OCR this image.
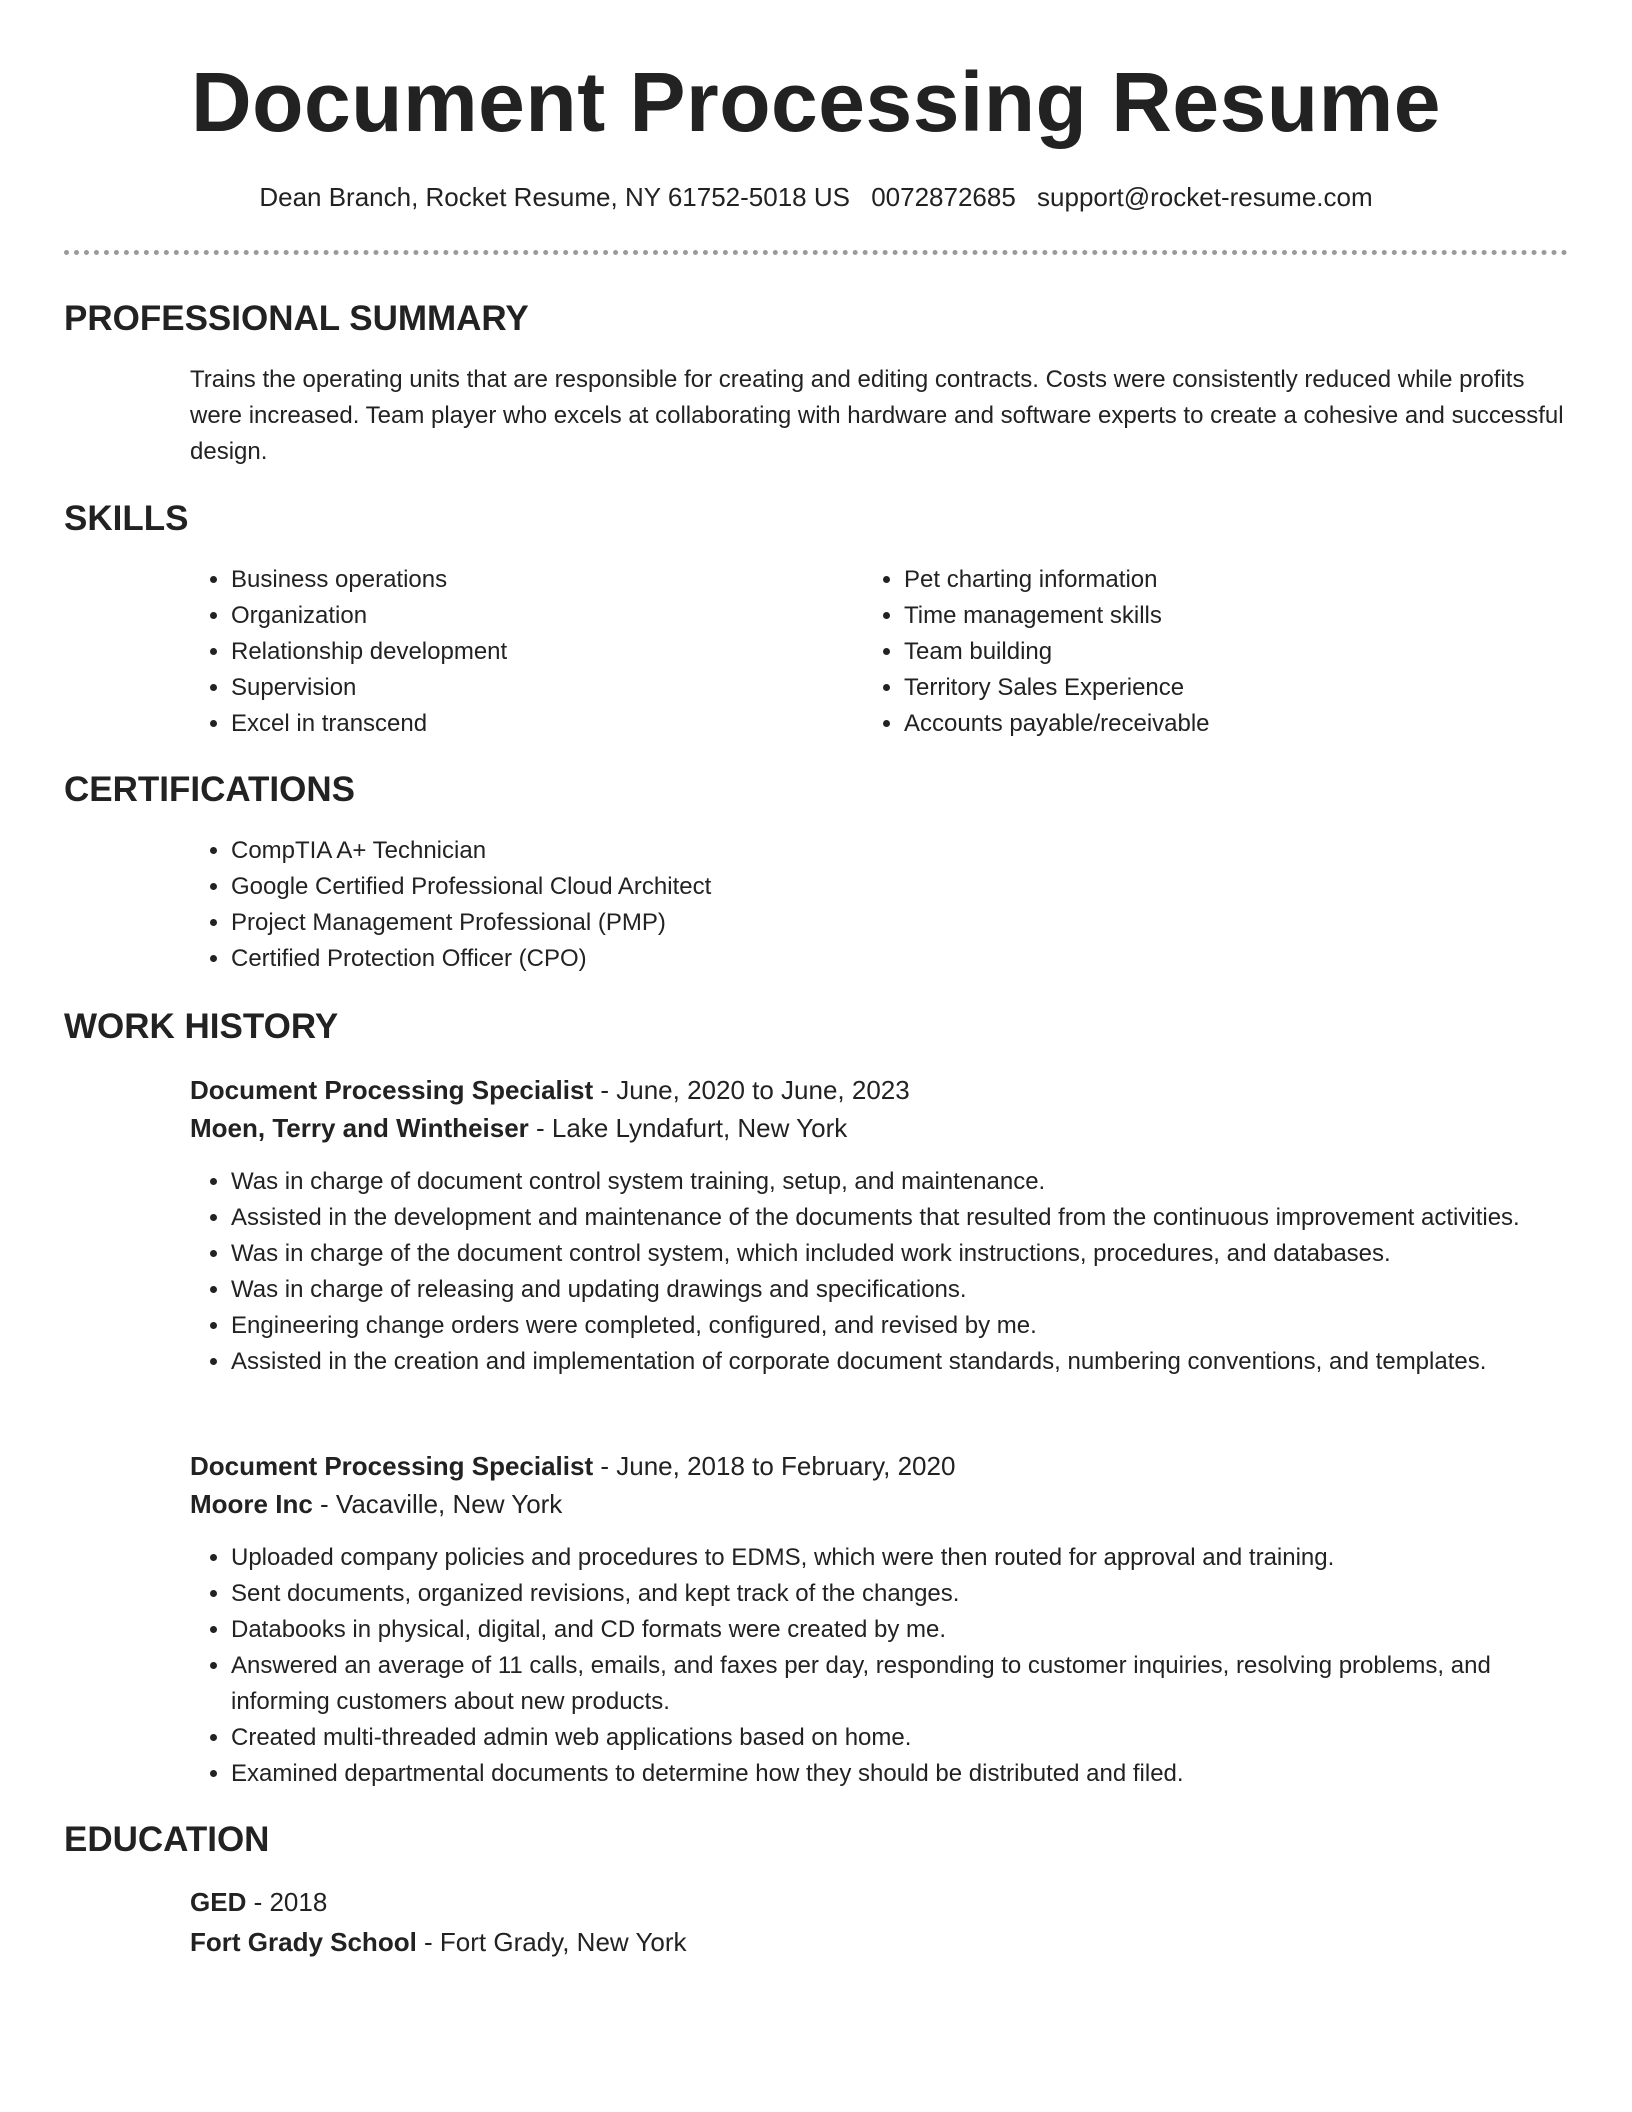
Document Processing Resume
Dean Branch, Rocket Resume, NY 61752-5018 US 0072872685 support@rocket-resume.com
PROFESSIONAL SUMMARY

Trains the operating units that are responsible for creating and editing contracts. Costs were consistently reduced while profits were increased. Team player who excels at collaborating with hardware and software experts to create a cohesive and successful design.

SKILLS
• Business operations
• Organization
• Relationship development
• Supervision
• Excel in transcend
• Pet charting information
• Time management skills
• Team building
• Territory Sales Experience
• Accounts payable/receivable
CERTIFICATIONS
• CompTIA A+ Technician
• Google Certified Professional Cloud Architect
• Project Management Professional (PMP)
• Certified Protection Officer (CPO)
WORK HISTORY
Document Processing Specialist - June, 2020 to June, 2023
Moen, Terry and Wintheiser - Lake Lyndafurt, New York
• Was in charge of document control system training, setup, and maintenance.
• Assisted in the development and maintenance of the documents that resulted from the continuous improvement activities.
• Was in charge of the document control system, which included work instructions, procedures, and databases.
• Was in charge of releasing and updating drawings and specifications.
• Engineering change orders were completed, configured, and revised by me.
• Assisted in the creation and implementation of corporate document standards, numbering conventions, and templates.
Document Processing Specialist - June, 2018 to February, 2020
Moore Inc - Vacaville, New York
• Uploaded company policies and procedures to EDMS, which were then routed for approval and training.
• Sent documents, organized revisions, and kept track of the changes.
• Databooks in physical, digital, and CD formats were created by me.
• Answered an average of 11 calls, emails, and faxes per day, responding to customer inquiries, resolving problems, and informing customers about new products.
• Created multi-threaded admin web applications based on home.
• Examined departmental documents to determine how they should be distributed and filed.
EDUCATION
GED - 2018
Fort Grady School - Fort Grady, New York
